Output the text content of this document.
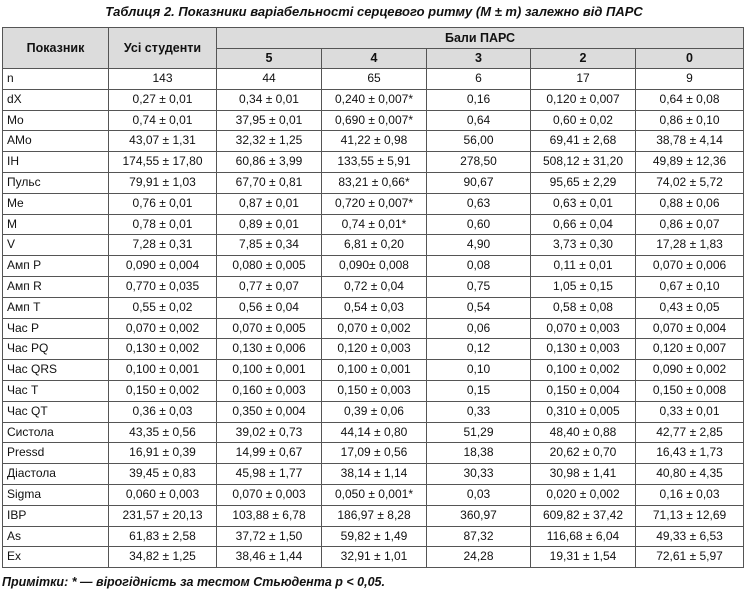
Таблиця 2. Показники варіабельності серцевого ритму (M ± m) залежно від ПАРС
Показник	Усі студенти	Бали ПАРС				
		5	4	3	2	0
n	143	44	65	6	17	9
dX	0,27 ± 0,01	0,34 ± 0,01	0,240 ± 0,007*	0,16	0,120 ± 0,007	0,64 ± 0,08
Mo	0,74 ± 0,01	37,95 ± 0,01	0,690 ± 0,007*	0,64	0,60 ± 0,02	0,86 ± 0,10
AMo	43,07 ± 1,31	32,32 ± 1,25	41,22 ± 0,98	56,00	69,41 ± 2,68	38,78 ± 4,14
IH	174,55 ± 17,80	60,86 ± 3,99	133,55 ± 5,91	278,50	508,12 ± 31,20	49,89 ± 12,36
Пульс	79,91 ± 1,03	67,70 ± 0,81	83,21 ± 0,66*	90,67	95,65 ± 2,29	74,02 ± 5,72
Me	0,76 ± 0,01	0,87 ± 0,01	0,720 ± 0,007*	0,63	0,63 ± 0,01	0,88 ± 0,06
M	0,78 ± 0,01	0,89 ± 0,01	0,74 ± 0,01*	0,60	0,66 ± 0,04	0,86 ± 0,07
V	7,28 ± 0,31	7,85 ± 0,34	6,81 ± 0,20	4,90	3,73 ± 0,30	17,28 ± 1,83
Амп P	0,090 ± 0,004	0,080 ± 0,005	0,090± 0,008	0,08	0,11 ± 0,01	0,070 ± 0,006
Амп R	0,770 ± 0,035	0,77 ± 0,07	0,72 ± 0,04	0,75	1,05 ± 0,15	0,67 ± 0,10
Амп T	0,55 ± 0,02	0,56 ± 0,04	0,54 ± 0,03	0,54	0,58 ± 0,08	0,43 ± 0,05
Час P	0,070 ± 0,002	0,070 ± 0,005	0,070 ± 0,002	0,06	0,070 ± 0,003	0,070 ± 0,004
Час PQ	0,130 ± 0,002	0,130 ± 0,006	0,120 ± 0,003	0,12	0,130 ± 0,003	0,120 ± 0,007
Час QRS	0,100 ± 0,001	0,100 ± 0,001	0,100 ± 0,001	0,10	0,100 ± 0,002	0,090 ± 0,002
Час T	0,150 ± 0,002	0,160 ± 0,003	0,150 ± 0,003	0,15	0,150 ± 0,004	0,150 ± 0,008
Час QT	0,36 ± 0,03	0,350 ± 0,004	0,39 ± 0,06	0,33	0,310 ± 0,005	0,33 ± 0,01
Систола	43,35 ± 0,56	39,02 ± 0,73	44,14 ± 0,80	51,29	48,40 ± 0,88	42,77 ± 2,85
Pressd	16,91 ± 0,39	14,99 ± 0,67	17,09 ± 0,56	18,38	20,62 ± 0,70	16,43 ± 1,73
Діастола	39,45 ± 0,83	45,98 ± 1,77	38,14 ± 1,14	30,33	30,98 ± 1,41	40,80 ± 4,35
Sigma	0,060 ± 0,003	0,070 ± 0,003	0,050 ± 0,001*	0,03	0,020 ± 0,002	0,16 ± 0,03
IBP	231,57 ± 20,13	103,88 ± 6,78	186,97 ± 8,28	360,97	609,82 ± 37,42	71,13 ± 12,69
As	61,83 ± 2,58	37,72 ± 1,50	59,82 ± 1,49	87,32	116,68 ± 6,04	49,33 ± 6,53
Ex	34,82 ± 1,25	38,46 ± 1,44	32,91 ± 1,01	24,28	19,31 ± 1,54	72,61 ± 5,97
Примітки: * — вірогідність за тестом Стьюдента p < 0,05.
